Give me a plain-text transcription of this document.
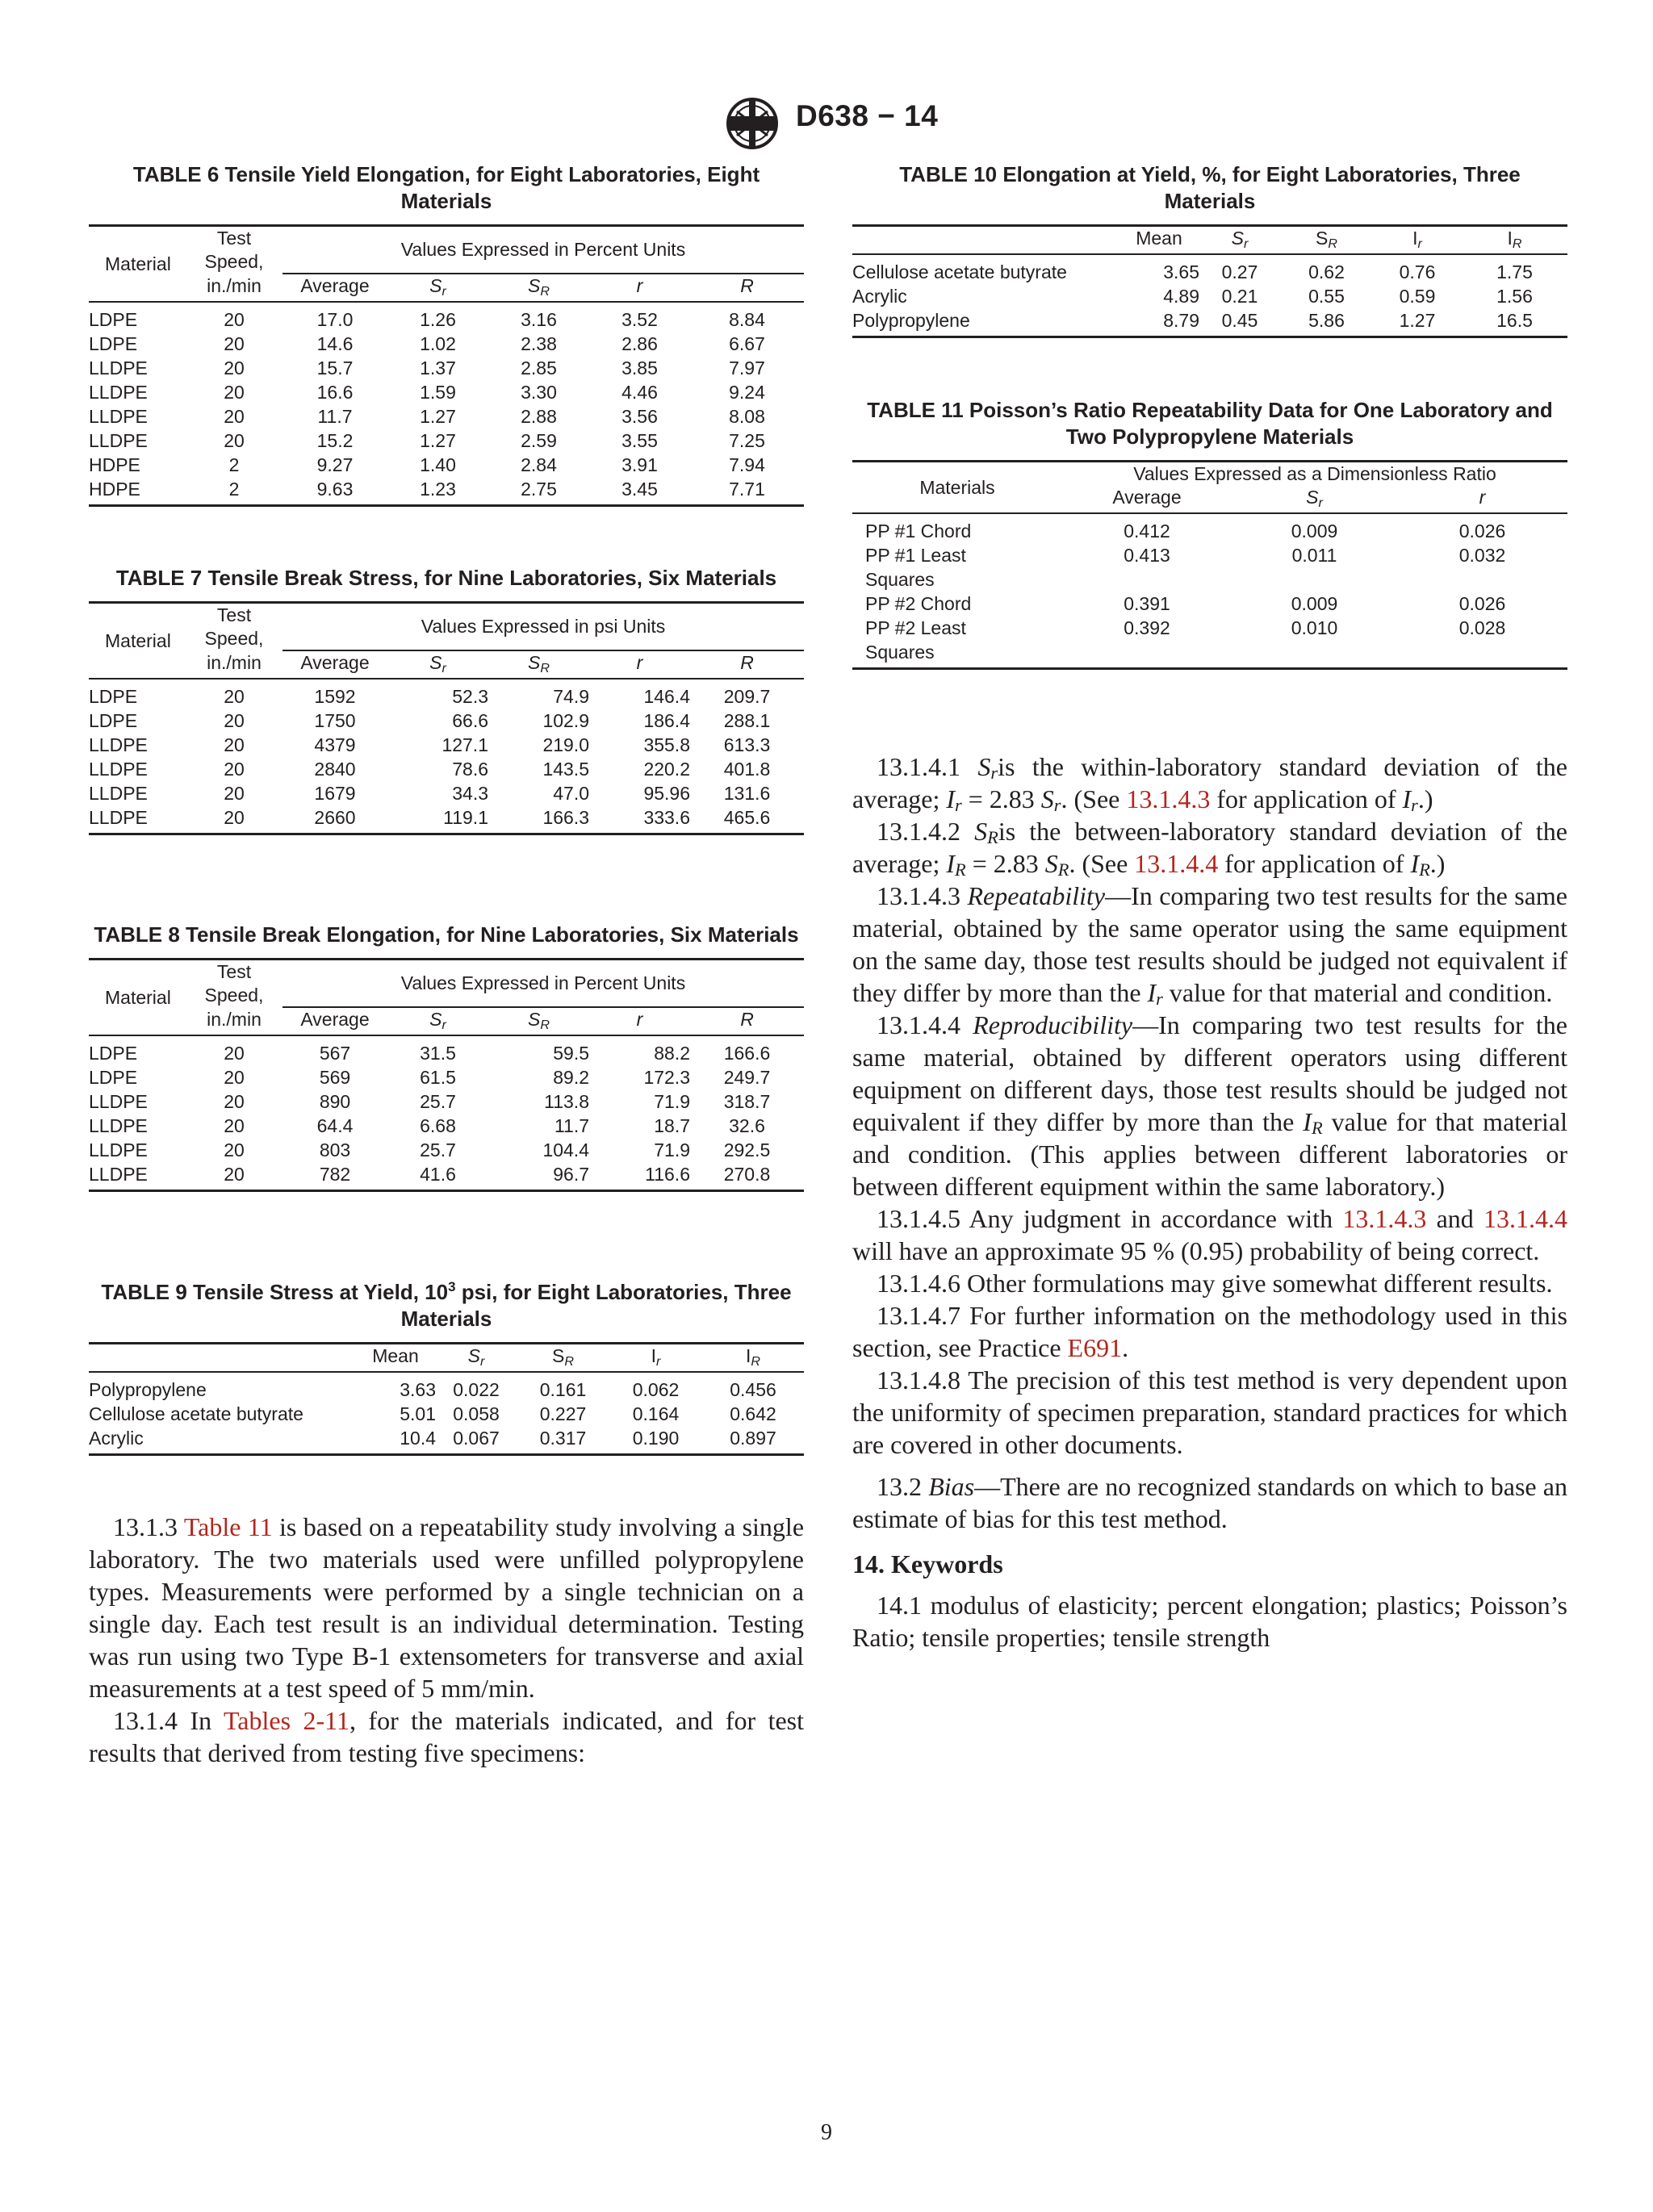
D638 − 14
TABLE 6 Tensile Yield Elongation, for Eight Laboratories, Eight Materials
Material	Test	Values Expressed in Percent Units				
	Speed,					
	in./min	Average	$S_r$	$S_R$	r	R
LDPE	20	17.0	1.26	3.16	3.52	8.84
LDPE	20	14.6	1.02	2.38	2.86	6.67
LLDPE	20	15.7	1.37	2.85	3.85	7.97
LLDPE	20	16.6	1.59	3.30	4.46	9.24
LLDPE	20	11.7	1.27	2.88	3.56	8.08
LLDPE	20	15.2	1.27	2.59	3.55	7.25
HDPE	2	9.27	1.40	2.84	3.91	7.94
HDPE	2	9.63	1.23	2.75	3.45	7.71
TABLE 7 Tensile Break Stress, for Nine Laboratories, Six Materials
Material	Test	Values Expressed in psi Units				
	Speed,					
	in./min	Average	$S_r$	$S_R$	r	R
LDPE	20	1592	52.3	74.9	146.4	209.7
LDPE	20	1750	66.6	102.9	186.4	288.1
LLDPE	20	4379	127.1	219.0	355.8	613.3
LLDPE	20	2840	78.6	143.5	220.2	401.8
LLDPE	20	1679	34.3	47.0	95.96	131.6
LLDPE	20	2660	119.1	166.3	333.6	465.6
TABLE 8 Tensile Break Elongation, for Nine Laboratories, Six Materials
Material	Test	Values Expressed in Percent Units				
	Speed,					
	in./min	Average	$S_r$	$S_R$	r	R
LDPE	20	567	31.5	59.5	88.2	166.6
LDPE	20	569	61.5	89.2	172.3	249.7
LLDPE	20	890	25.7	113.8	71.9	318.7
LLDPE	20	64.4	6.68	11.7	18.7	32.6
LLDPE	20	803	25.7	104.4	71.9	292.5
LLDPE	20	782	41.6	96.7	116.6	270.8
TABLE 9 Tensile Stress at Yield, $10^3$ psi, for Eight Laboratories, Three Materials
	Mean	$S_r$	$S_R$	$I_r$	$I_R$
Polypropylene	3.63	0.022	0.161	0.062	0.456
Cellulose acetate butyrate	5.01	0.058	0.227	0.164	0.642
Acrylic	10.4	0.067	0.317	0.190	0.897

13.1.3 Table 11 is based on a repeatability study involving a single laboratory. The two materials used were unfilled polypropylene types. Measurements were performed by a single technician on a single day. Each test result is an individual determination. Testing was run using two Type B-1 extensometers for transverse and axial measurements at a test speed of 5 mm/min.

13.1.4 In Tables 2-11, for the materials indicated, and for test results that derived from testing five specimens:

TABLE 10 Elongation at Yield, %, for Eight Laboratories, Three Materials
	Mean	$S_r$	$S_R$	$I_r$	$I_R$
Cellulose acetate butyrate	3.65	0.27	0.62	0.76	1.75
Acrylic	4.89	0.21	0.55	0.59	1.56
Polypropylene	8.79	0.45	5.86	1.27	16.5
TABLE 11 Poisson’s Ratio Repeatability Data for One Laboratory and Two Polypropylene Materials
Materials	Values Expressed as a Dimensionless Ratio		
	Average	$S_r$	r
PP #1 Chord	0.412	0.009	0.026
PP #1 Least	0.413	0.011	0.032
Squares			
PP #2 Chord	0.391	0.009	0.026
PP #2 Least	0.392	0.010	0.028
Squares			

13.1.4.1 $S_ris$ the within-laboratory standard deviation of the average; $I_r = 2.83$ $S_r$. (See 13.1.4.3 for application of $I_r$.)

13.1.4.2 $S_Ris$ the between-laboratory standard deviation of the average; $I_R = 2.83$ $S_R$. (See 13.1.4.4 for application of $I_R$.)

13.1.4.3 Repeatability—In comparing two test results for the same material, obtained by the same operator using the same equipment on the same day, those test results should be judged not equivalent if they differ by more than the $I_r$ value for that material and condition.

13.1.4.4 Reproducibility—In comparing two test results for the same material, obtained by different operators using different equipment on different days, those test results should be judged not equivalent if they differ by more than the $I_R$ value for that material and condition. (This applies between different laboratories or between different equipment within the same laboratory.)

13.1.4.5 Any judgment in accordance with 13.1.4.3 and 13.1.4.4 will have an approximate 95 % (0.95) probability of being correct.

13.1.4.6 Other formulations may give somewhat different results.

13.1.4.7 For further information on the methodology used in this section, see Practice E691.

13.1.4.8 The precision of this test method is very dependent upon the uniformity of specimen preparation, standard practices for which are covered in other documents.

13.2 Bias—There are no recognized standards on which to base an estimate of bias for this test method.

14. Keywords

14.1 modulus of elasticity; percent elongation; plastics; Poisson’s Ratio; tensile properties; tensile strength

9
